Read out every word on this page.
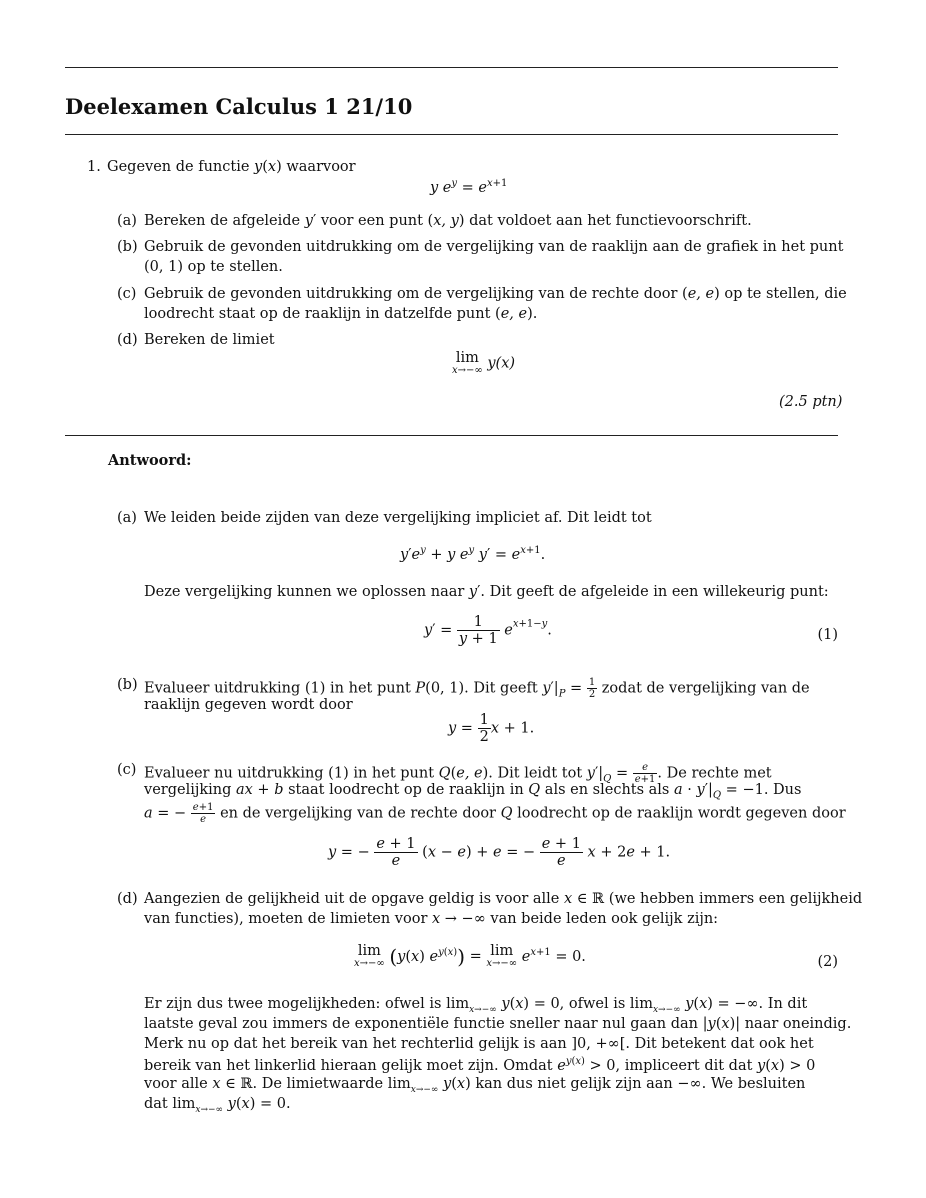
Deelexamen Calculus 1 21/10
1. Gegeven de functie y(x) waarvoor
y $e^y = e^{x+1}$
(a) Bereken de afgeleide y′ voor een punt (x, y) dat voldoet aan het functievoorschrift.
(b) Gebruik de gevonden uitdrukking om de vergelijking van de raaklijn aan de grafiek in het punt
(0, 1) op te stellen.
(c) Gebruik de gevonden uitdrukking om de vergelijking van de rechte door (e, e) op te stellen, die
loodrecht staat op de raaklijn in datzelfde punt (e, e).
(d) Bereken de limiet
lim
x→−∞ y(x)
(2.5 ptn)
Antwoord:
(a) We leiden beide zijden van deze vergelijking impliciet af. Dit leidt tot
$y'e^y + y$ $e^y$ $y' = e^{x+1}$.
Deze vergelijking kunnen we oplossen naar y′. Dit geeft de afgeleide in een willekeurig punt:
$y' = \frac{1}{y + 1} e^{x+1-y}$.	(1)
(b) Evalueer uitdrukking (1) in het punt P(0, 1). Dit geeft $y'|_P = \frac{1}{2}$ zodat de vergelijking van de
raaklijn gegeven wordt door
$y = \frac{1}{2}$ x + 1.
(c) Evalueer nu uitdrukking (1) in het punt Q(e, e). Dit leidt tot $y'|_Q = \frac{e}{e+1}$ . De rechte met
vergelijking ax + b staat loodrecht op de raaklijn in Q als en slechts als $a \cdot y'|_Q = -1$. Dus
a = − $\frac{e+1}{e}$ en de vergelijking van de rechte door Q loodrecht op de raaklijn wordt gegeven door
y = − $\frac{e + 1}{e} (x - e) + e$ = − $\frac{e + 1}{e}$ x + 2e + 1.
(d) Aangezien de gelijkheid uit de opgave geldig is voor alle x ∈ ℝ (we hebben immers een gelijkheid
van functies), moeten de limieten voor x → −∞ van beide leden ook gelijk zijn:
lim
x→−∞ (y(x) $e^{y(x)}) = \lim$
x→−∞ $e^{x+1} = 0$.	(2)
Er zijn dus twee mogelijkheden: ofwel is $\lim_{x\to-\infty} y(x) = 0$, ofwel is $\lim_{x\to-\infty} y(x)$ = −∞. In dit
laatste geval zou immers de exponentiële functie sneller naar nul gaan dan |y(x)| naar oneindig.
Merk nu op dat het bereik van het rechterlid gelijk is aan ]0, +∞[. Dit betekent dat ook het
bereik van het linkerlid hieraan gelijk moet zijn. Omdat $e^{y(x)} > 0$, impliceert dit dat y(x) > 0
voor alle x ∈ ℝ. De limietwaarde $\lim_{x\to-\infty} y(x)$ kan dus niet gelijk zijn aan −∞. We besluiten
dat $\lim_{x\to-\infty} y(x) = 0$.
